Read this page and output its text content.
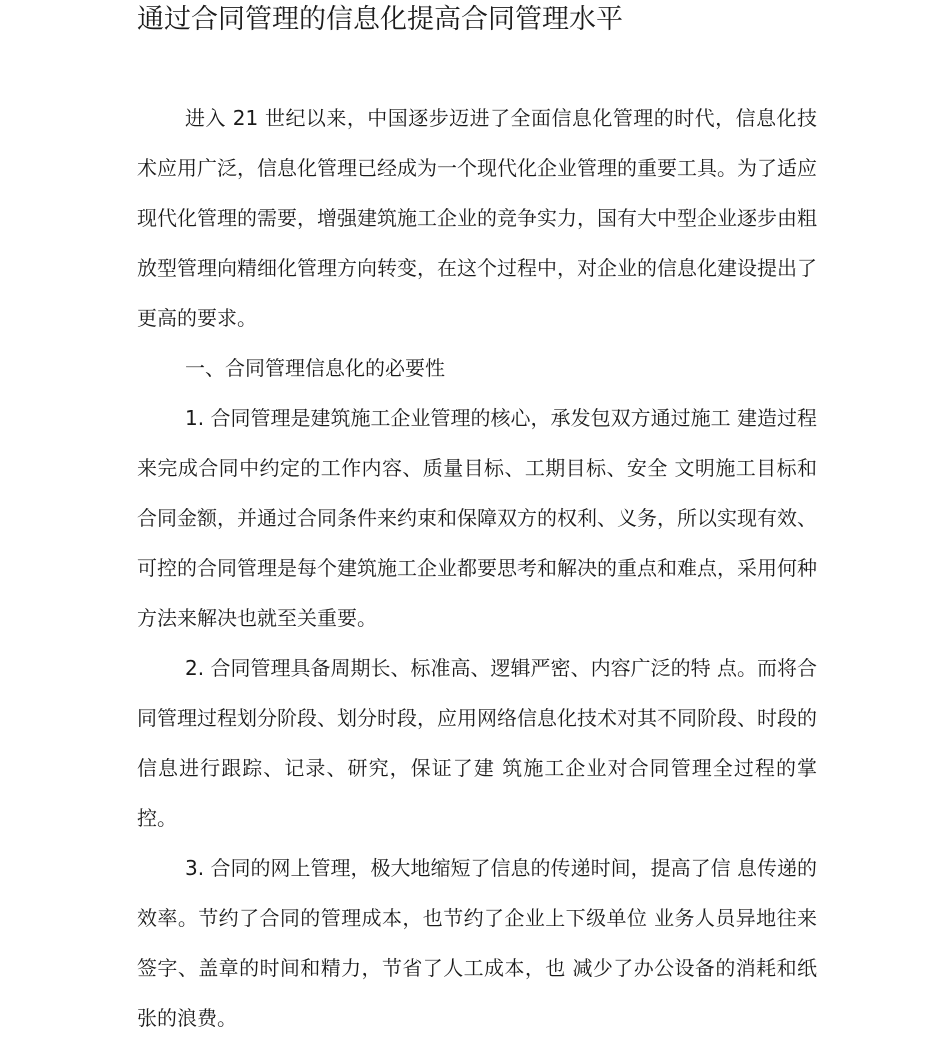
通过合同管理的信息化提高合同管理水平

进入 21 世纪以来，中国逐步迈进了全面信息化管理的时代，信息化技术应用广泛，信息化管理已经成为一个现代化企业管理的重要工具。为了适应现代化管理的需要，增强建筑施工企业的竞争实力，国有大中型企业逐步由粗放型管理向精细化管理方向转变，在这个过程中，对企业的信息化建设提出了更高的要求。

一、合同管理信息化的必要性

1. 合同管理是建筑施工企业管理的核心，承发包双方通过施工 建造过程来完成合同中约定的工作内容、质量目标、工期目标、安全 文明施工目标和合同金额，并通过合同条件来约束和保障双方的权利、义务，所以实现有效、可控的合同管理是每个建筑施工企业都要思考和解决的重点和难点，采用何种方法来解决也就至关重要。

2. 合同管理具备周期长、标准高、逻辑严密、内容广泛的特 点。而将合同管理过程划分阶段、划分时段，应用网络信息化技术对其不同阶段、时段的信息进行跟踪、记录、研究，保证了建 筑施工企业对合同管理全过程的掌控。

3. 合同的网上管理，极大地缩短了信息的传递时间，提高了信 息传递的效率。节约了合同的管理成本，也节约了企业上下级单位 业务人员异地往来签字、盖章的时间和精力，节省了人工成本，也 减少了办公设备的消耗和纸张的浪费。
